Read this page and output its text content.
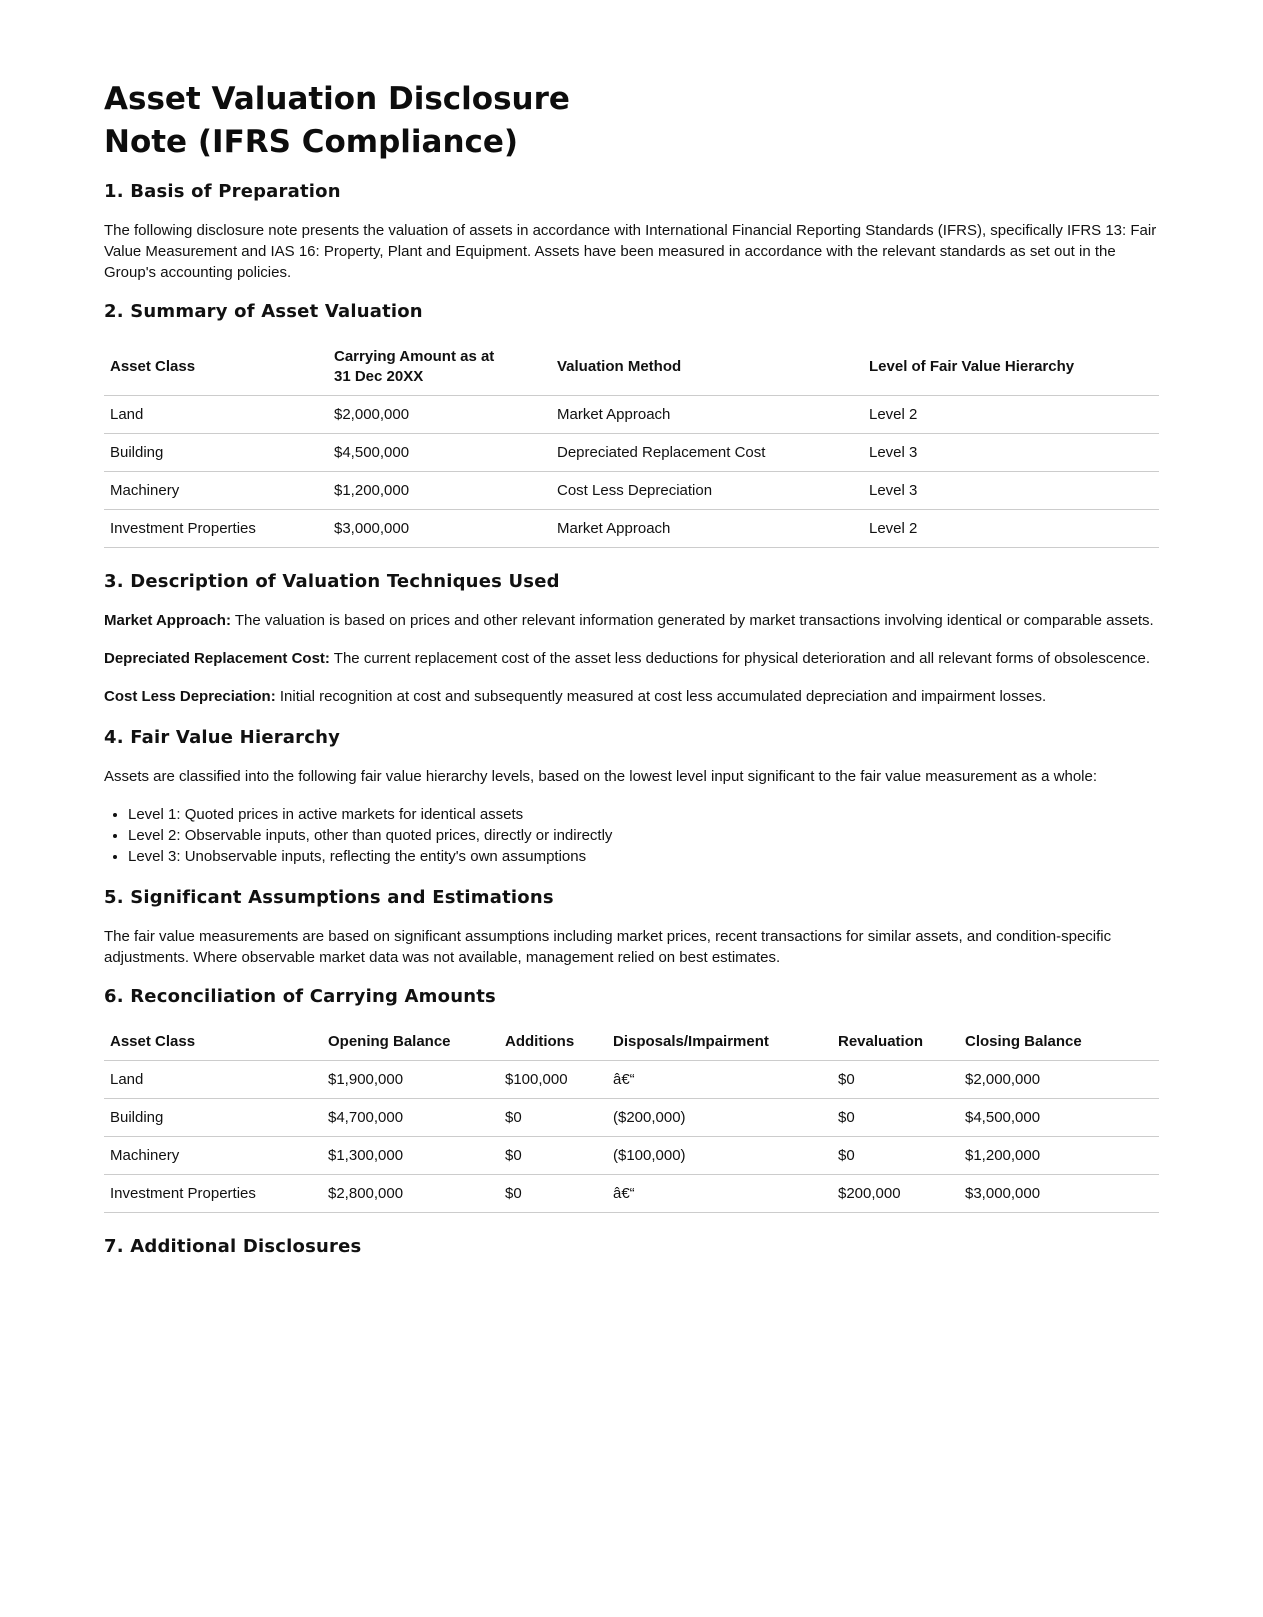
Asset Valuation Disclosure Note (IFRS Compliance)
1. Basis of Preparation

The following disclosure note presents the valuation of assets in accordance with International Financial Reporting Standards (IFRS), specifically IFRS 13: Fair Value Measurement and IAS 16: Property, Plant and Equipment. Assets have been measured in accordance with the relevant standards as set out in the Group's accounting policies.

2. Summary of Asset Valuation
Asset Class	Carrying Amount as at 31 Dec 20XX	Valuation Method	Level of Fair Value Hierarchy
Land	$2,000,000	Market Approach	Level 2
Building	$4,500,000	Depreciated Replacement Cost	Level 3
Machinery	$1,200,000	Cost Less Depreciation	Level 3
Investment Properties	$3,000,000	Market Approach	Level 2
3. Description of Valuation Techniques Used

Market Approach: The valuation is based on prices and other relevant information generated by market transactions involving identical or comparable assets.

Depreciated Replacement Cost: The current replacement cost of the asset less deductions for physical deterioration and all relevant forms of obsolescence.

Cost Less Depreciation: Initial recognition at cost and subsequently measured at cost less accumulated depreciation and impairment losses.

4. Fair Value Hierarchy

Assets are classified into the following fair value hierarchy levels, based on the lowest level input significant to the fair value measurement as a whole:

• Level 1: Quoted prices in active markets for identical assets
• Level 2: Observable inputs, other than quoted prices, directly or indirectly
• Level 3: Unobservable inputs, reflecting the entity's own assumptions
5. Significant Assumptions and Estimations

The fair value measurements are based on significant assumptions including market prices, recent transactions for similar assets, and condition-specific adjustments. Where observable market data was not available, management relied on best estimates.

6. Reconciliation of Carrying Amounts
Asset Class	Opening Balance	Additions	Disposals/Impairment	Revaluation	Closing Balance
Land	$1,900,000	$100,000	â€“	$0	$2,000,000
Building	$4,700,000	$0	($200,000)	$0	$4,500,000
Machinery	$1,300,000	$0	($100,000)	$0	$1,200,000
Investment Properties	$2,800,000	$0	â€“	$200,000	$3,000,000
7. Additional Disclosures
